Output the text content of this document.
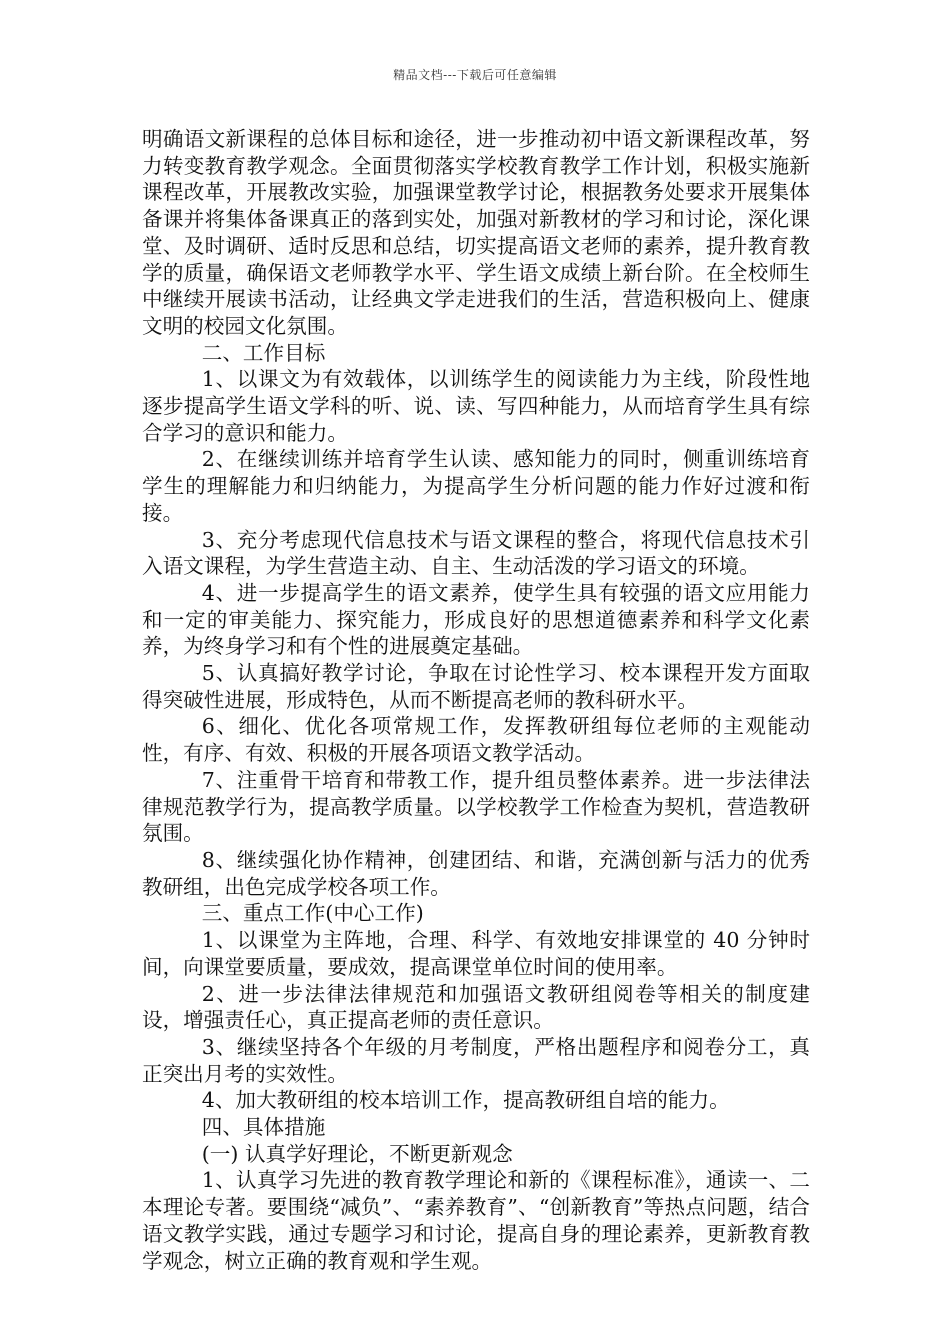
精品文档---下载后可任意编辑

明确语文新课程的总体目标和途径，进一步推动初中语文新课程改革，努力转变教育教学观念。全面贯彻落实学校教育教学工作计划，积极实施新课程改革，开展教改实验，加强课堂教学讨论，根据教务处要求开展集体备课并将集体备课真正的落到实处，加强对新教材的学习和讨论，深化课堂、及时调研、适时反思和总结，切实提高语文老师的素养，提升教育教学的质量，确保语文老师教学水平、学生语文成绩上新台阶。在全校师生中继续开展读书活动，让经典文学走进我们的生活，营造积极向上、健康文明的校园文化氛围。

二、工作目标

1、以课文为有效载体，以训练学生的阅读能力为主线，阶段性地逐步提高学生语文学科的听、说、读、写四种能力，从而培育学生具有综合学习的意识和能力。

2、在继续训练并培育学生认读、感知能力的同时，侧重训练培育学生的理解能力和归纳能力，为提高学生分析问题的能力作好过渡和衔接。

3、充分考虑现代信息技术与语文课程的整合，将现代信息技术引入语文课程，为学生营造主动、自主、生动活泼的学习语文的环境。

4、进一步提高学生的语文素养，使学生具有较强的语文应用能力和一定的审美能力、探究能力，形成良好的思想道德素养和科学文化素养，为终身学习和有个性的进展奠定基础。

5、认真搞好教学讨论，争取在讨论性学习、校本课程开发方面取得突破性进展，形成特色，从而不断提高老师的教科研水平。

6、细化、优化各项常规工作，发挥教研组每位老师的主观能动性，有序、有效、积极的开展各项语文教学活动。

7、注重骨干培育和带教工作，提升组员整体素养。进一步法律法律规范教学行为，提高教学质量。以学校教学工作检查为契机，营造教研氛围。

8、继续强化协作精神，创建团结、和谐，充满创新与活力的优秀教研组，出色完成学校各项工作。

三、重点工作(中心工作)

1、以课堂为主阵地，合理、科学、有效地安排课堂的 40 分钟时间，向课堂要质量，要成效，提高课堂单位时间的使用率。

2、进一步法律法律规范和加强语文教研组阅卷等相关的制度建设，增强责任心，真正提高老师的责任意识。

3、继续坚持各个年级的月考制度，严格出题程序和阅卷分工，真正突出月考的实效性。

4、加大教研组的校本培训工作，提高教研组自培的能力。

四、具体措施

(一) 认真学好理论，不断更新观念

1、认真学习先进的教育教学理论和新的《课程标准》，通读一、二本理论专著。要围绕“减负”、“素养教育”、“创新教育”等热点问题，结合语文教学实践，通过专题学习和讨论，提高自身的理论素养，更新教育教学观念，树立正确的教育观和学生观。
